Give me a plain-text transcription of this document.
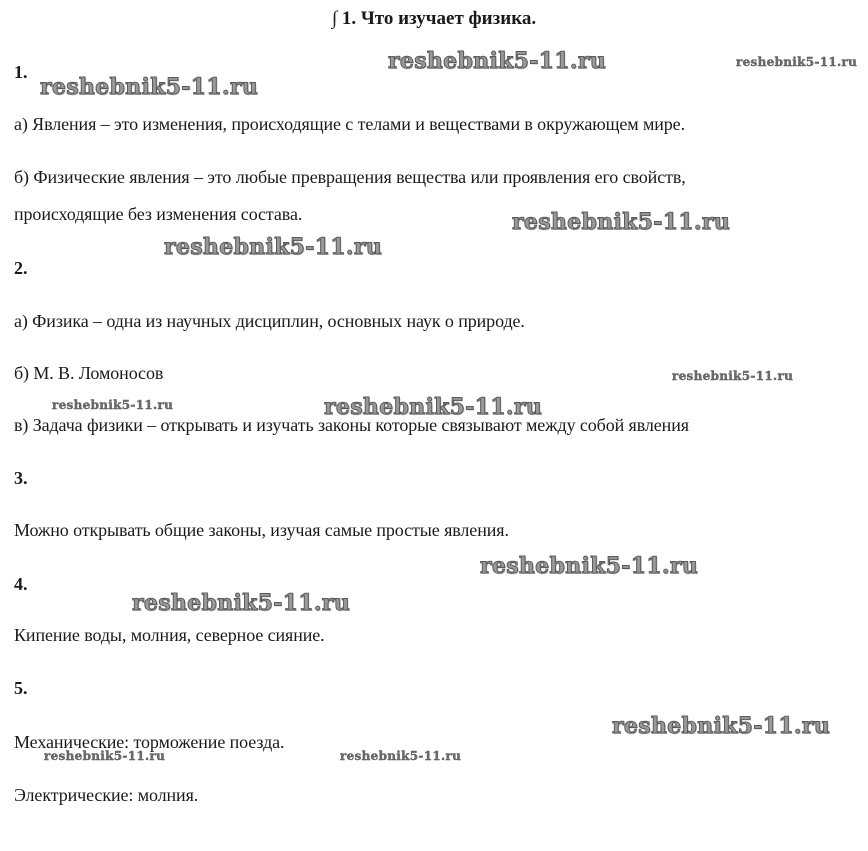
∫ 1. Что изучает физика.
1.
а) Явления – это изменения, происходящие с телами и веществами в окружающем мире.
б) Физические явления – это любые превращения вещества или проявления его свойств,
происходящие без изменения состава.
2.
а) Физика – одна из научных дисциплин, основных наук о природе.
б) М. В. Ломоносов
в) Задача физики – открывать и изучать законы которые связывают между собой явления
3.
Можно открывать общие законы, изучая самые простые явления.
4.
Кипение воды, молния, северное сияние.
5.
Механические: торможение поезда.
Электрические: молния.
reshebnik5-11.ru	reshebnik5-11.ru
reshebnik5-11.ru
reshebnik5-11.ru
reshebnik5-11.ru
reshebnik5-11.ru
reshebnik5-11.ru	reshebnik5-11.ru
reshebnik5-11.ru
reshebnik5-11.ru
reshebnik5-11.ru
reshebnik5-11.ru	reshebnik5-11.ru
